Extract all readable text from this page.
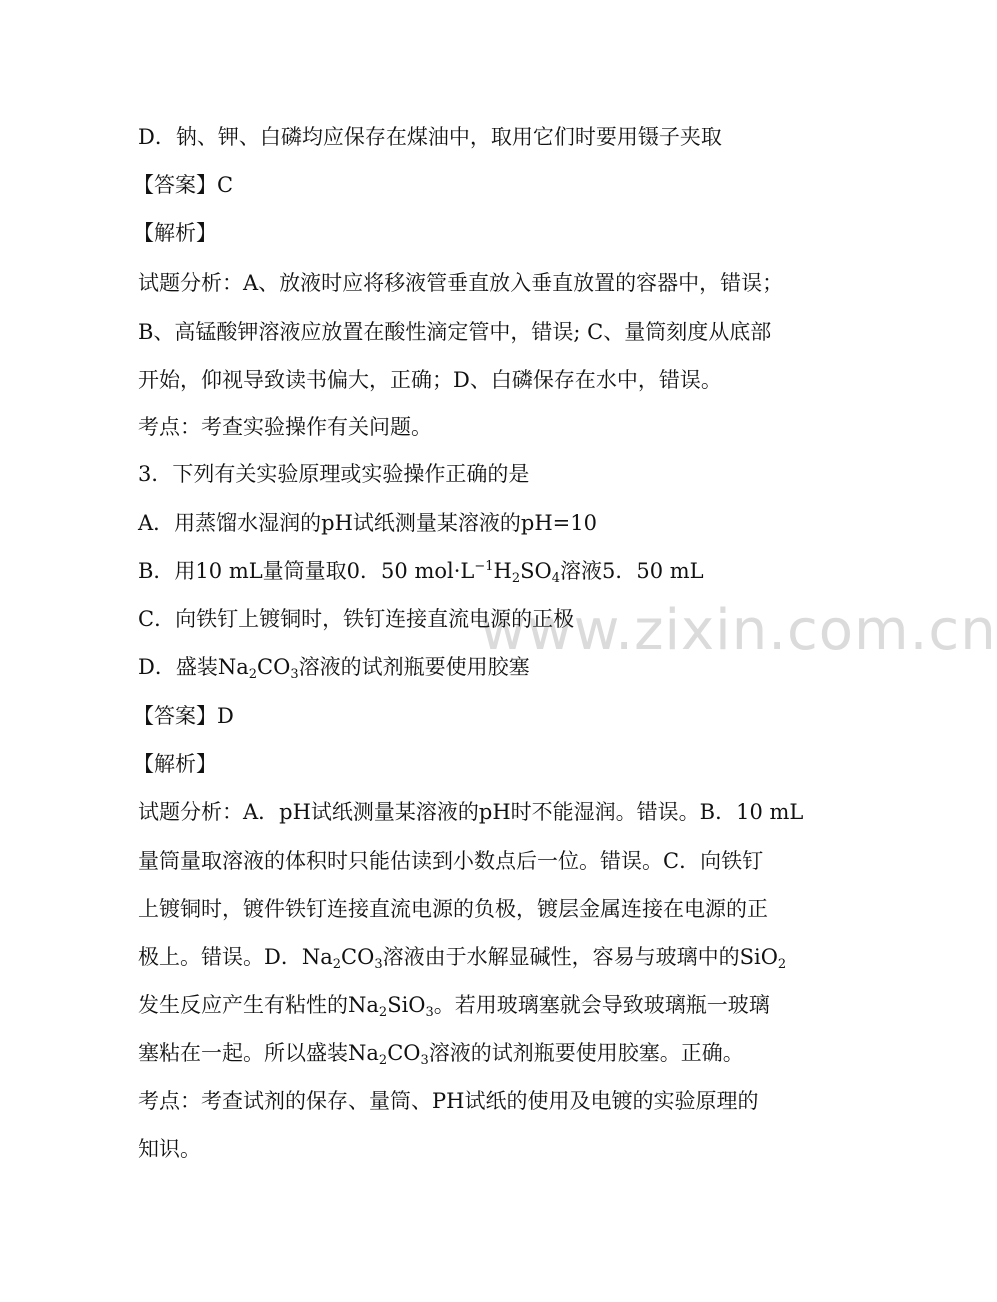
www.zixin.com.cn

D．钠、钾、白磷均应保存在煤油中，取用它们时要用镊子夹取

【答案】C

【解析】

试题分析：A、放液时应将移液管垂直放入垂直放置的容器中，错误；

B、高锰酸钾溶液应放置在酸性滴定管中，错误; C、量筒刻度从底部

开始，仰视导致读书偏大，正确；D、白磷保存在水中，错误。

考点：考查实验操作有关问题。

3．下列有关实验原理或实验操作正确的是

A．用蒸馏水湿润的pH试纸测量某溶液的pH=10

B．用10 mL量筒量取0．50 $mol\cdot L^{-1}H_2SO_4$溶液5．50 mL

C．向铁钉上镀铜时，铁钉连接直流电源的正极

D．盛装$Na_2CO_3$溶液的试剂瓶要使用胶塞

【答案】D

【解析】

试题分析：A．pH试纸测量某溶液的pH时不能湿润。错误。B．10 mL

量筒量取溶液的体积时只能估读到小数点后一位。错误。C．向铁钉

上镀铜时，镀件铁钉连接直流电源的负极，镀层金属连接在电源的正

极上。错误。D．$Na_2CO_3$溶液由于水解显碱性，容易与玻璃中的SiO$_2$

发生反应产生有粘性的$Na_2SiO_3$。若用玻璃塞就会导致玻璃瓶一玻璃

塞粘在一起。所以盛装$Na_2CO_3$溶液的试剂瓶要使用胶塞。正确。

考点：考查试剂的保存、量筒、PH试纸的使用及电镀的实验原理的

知识。
